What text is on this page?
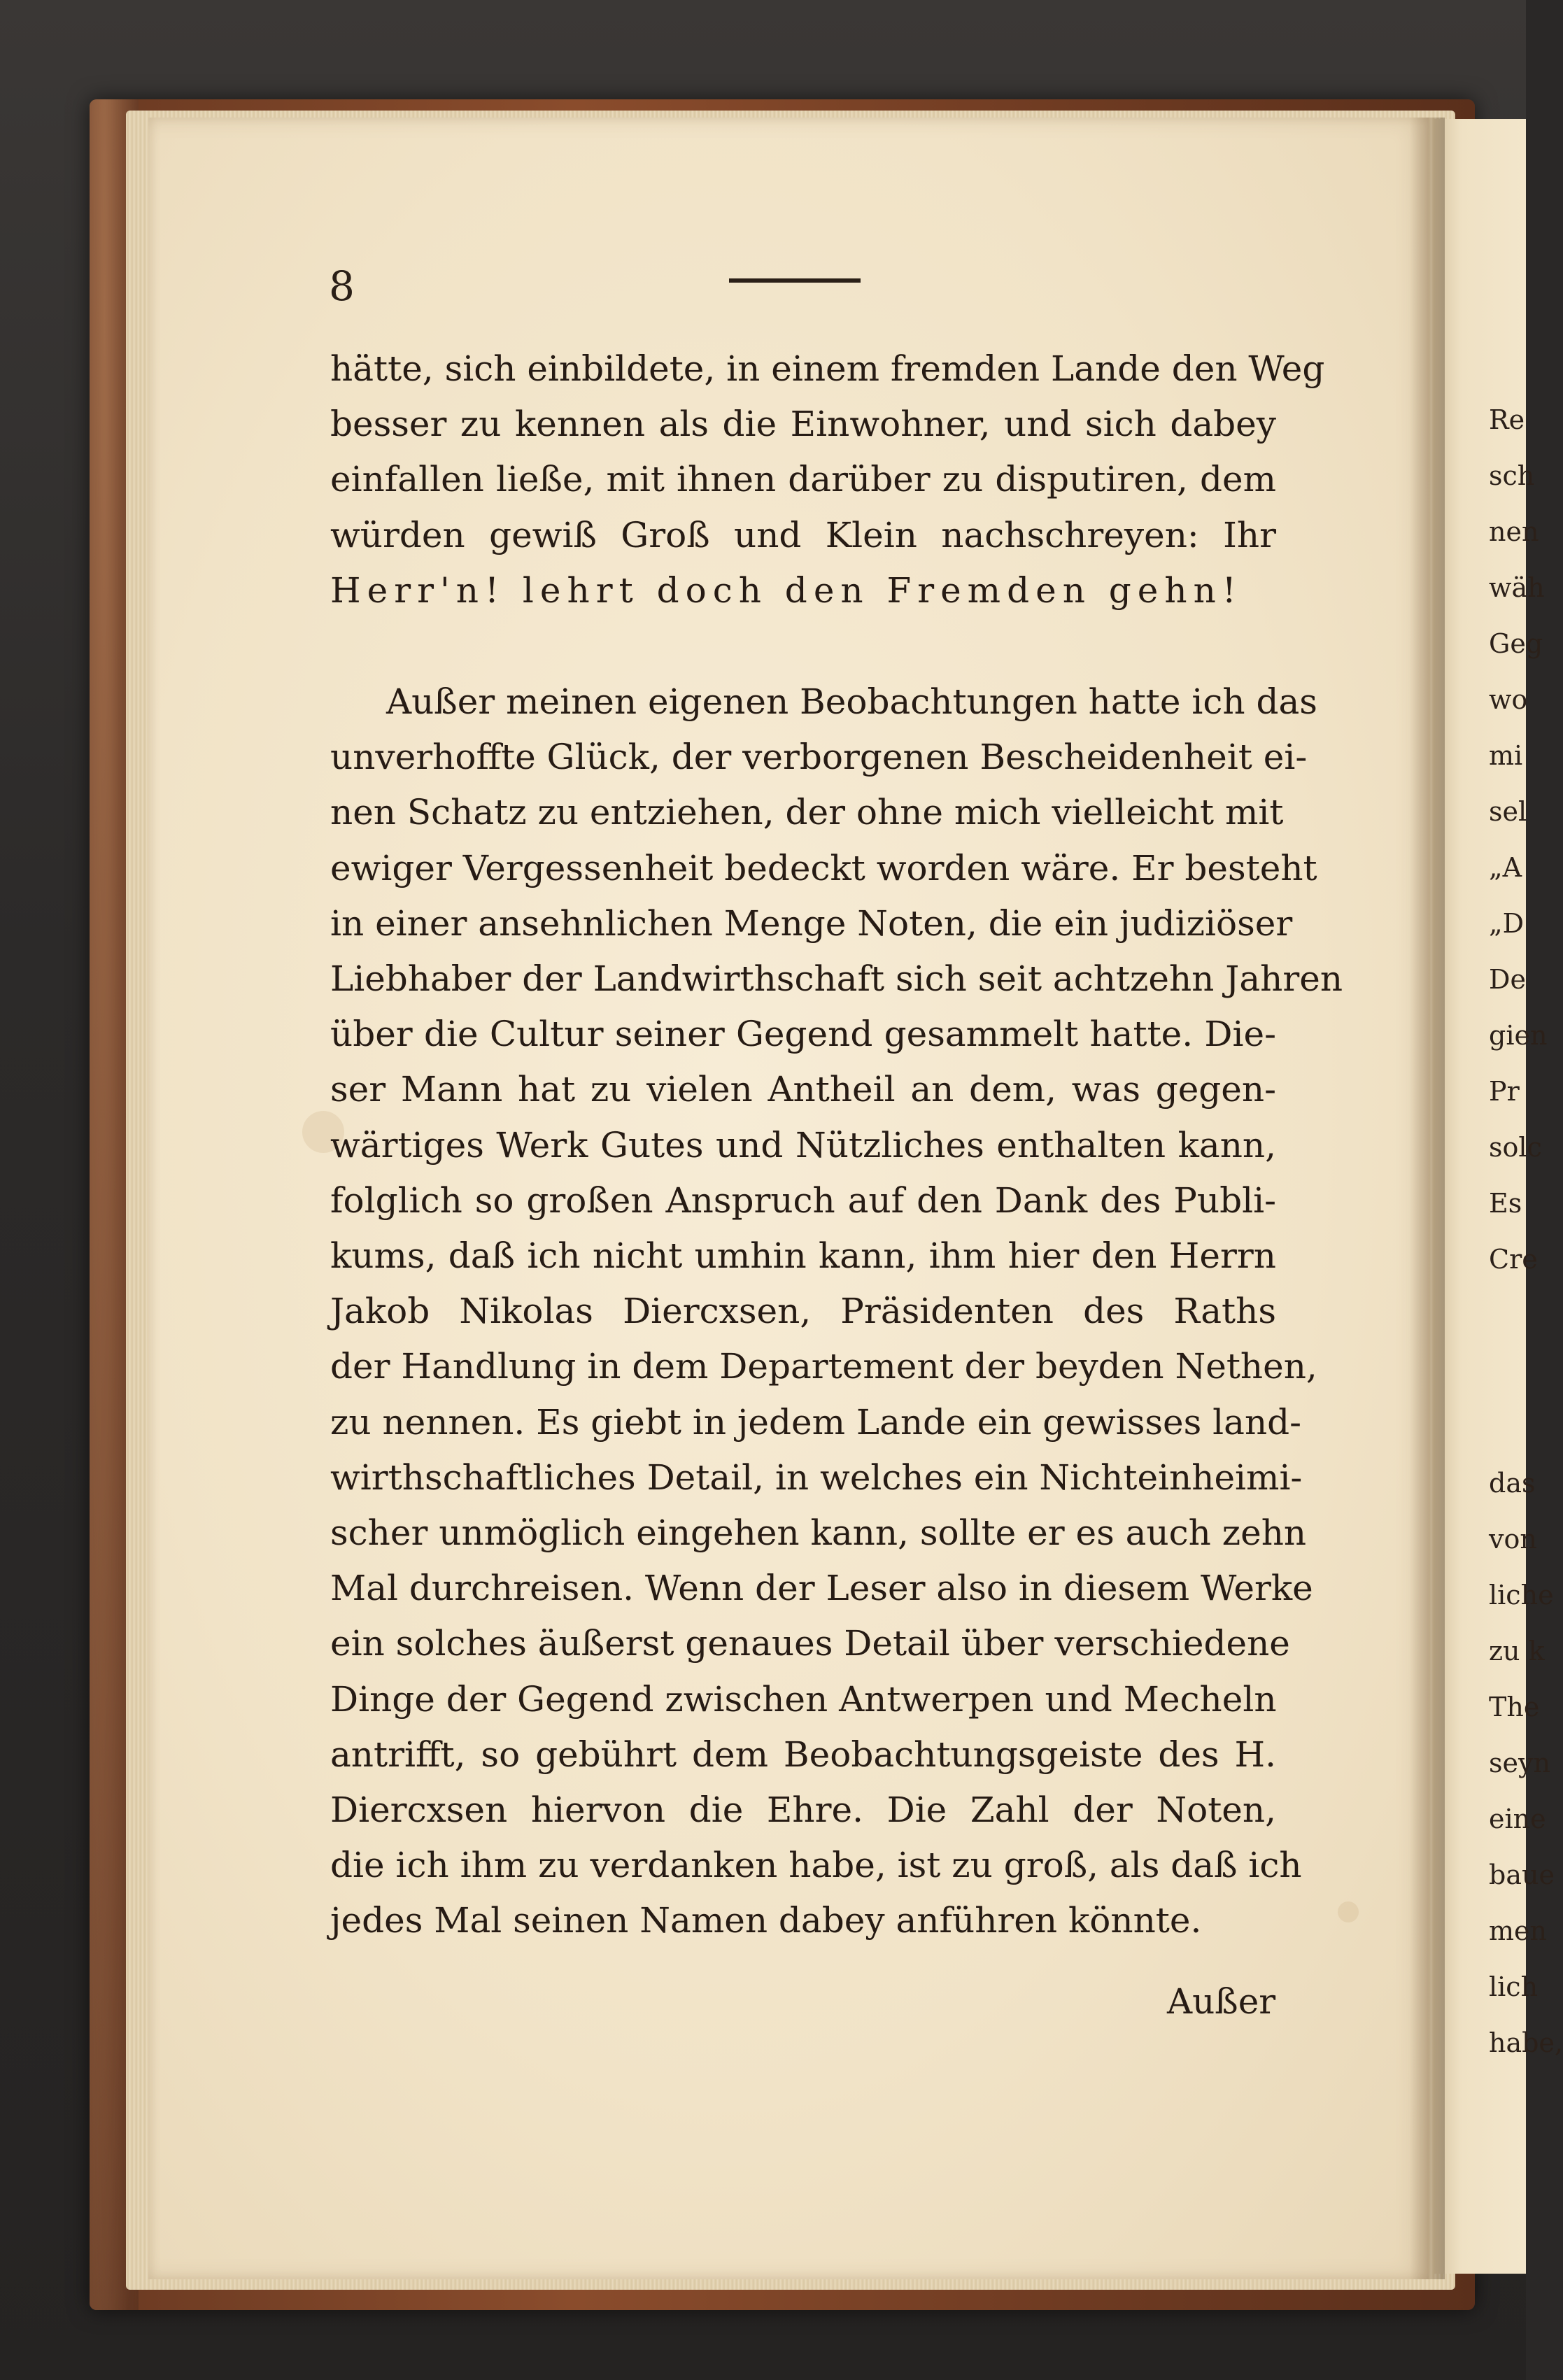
Re
sch
nen
wäh
Geg
wo
mi
sel
„A
„D
De
gien
Pr
solc
Es
Cre
das
von
liche
zu k
The
seyn
eine
baue
men
lich
habe,
8
hätte, sich einbildete, in einem fremden Lande den Weg
besser zu kennen als die Einwohner, und sich dabey
einfallen ließe, mit ihnen darüber zu disputiren, dem
würden gewiß Groß und Klein nachschreyen: Ihr
Herr'n! lehrt doch den Fremden gehn!
Außer meinen eigenen Beobachtungen hatte ich das
unverhoffte Glück, der verborgenen Bescheidenheit ei-
nen Schatz zu entziehen, der ohne mich vielleicht mit
ewiger Vergessenheit bedeckt worden wäre. Er besteht
in einer ansehnlichen Menge Noten, die ein judiziöser
Liebhaber der Landwirthschaft sich seit achtzehn Jahren
über die Cultur seiner Gegend gesammelt hatte. Die-
ser Mann hat zu vielen Antheil an dem, was gegen-
wärtiges Werk Gutes und Nützliches enthalten kann,
folglich so großen Anspruch auf den Dank des Publi-
kums, daß ich nicht umhin kann, ihm hier den Herrn
Jakob Nikolas Diercxsen, Präsidenten des Raths
der Handlung in dem Departement der beyden Nethen,
zu nennen. Es giebt in jedem Lande ein gewisses land-
wirthschaftliches Detail, in welches ein Nichteinheimi-
scher unmöglich eingehen kann, sollte er es auch zehn
Mal durchreisen. Wenn der Leser also in diesem Werke
ein solches äußerst genaues Detail über verschiedene
Dinge der Gegend zwischen Antwerpen und Mecheln
antrifft, so gebührt dem Beobachtungsgeiste des H.
Diercxsen hiervon die Ehre. Die Zahl der Noten,
die ich ihm zu verdanken habe, ist zu groß, als daß ich
jedes Mal seinen Namen dabey anführen könnte.
Außer
